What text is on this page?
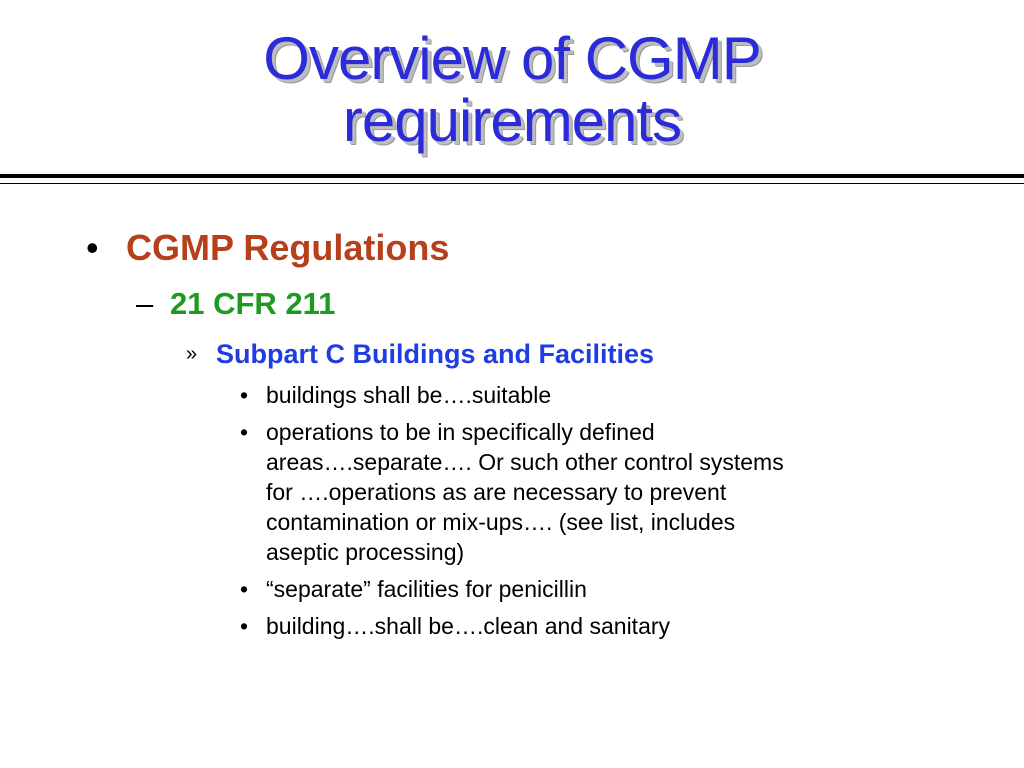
Overview of CGMP
requirements
• CGMP Regulations
– 21 CFR 211
» Subpart C Buildings and Facilities
• buildings shall be….suitable
• operations to be in specifically defined
areas….separate…. Or such other control systems
for ….operations as are necessary to prevent
contamination or mix-ups…. (see list, includes
aseptic processing)
• “separate” facilities for penicillin
• building….shall be….clean and sanitary
